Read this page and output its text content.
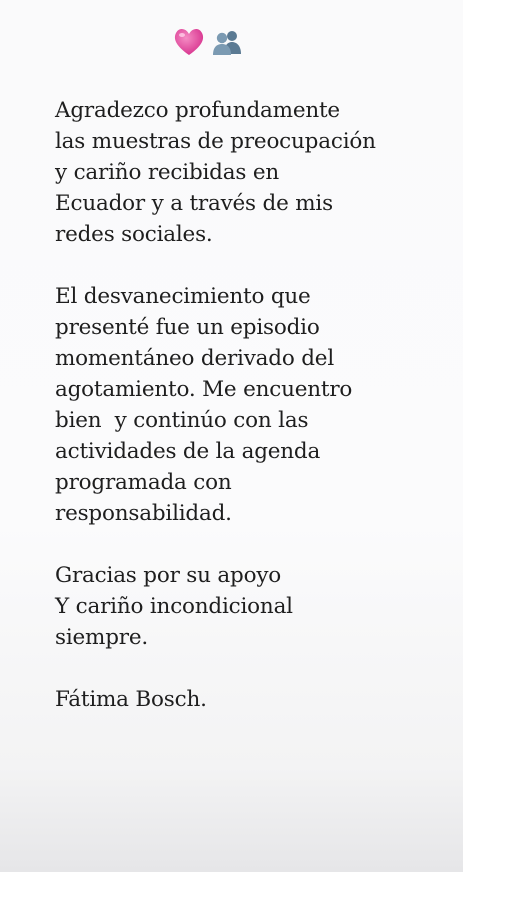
Agradezco profundamente
las muestras de preocupación
y cariño recibidas en
Ecuador y a través de mis
redes sociales.
El desvanecimiento que
presenté fue un episodio
momentáneo derivado del
agotamiento. Me encuentro
bien  y continúo con las
actividades de la agenda
programada con
responsabilidad.
Gracias por su apoyo
Y cariño incondicional
siempre.
Fátima Bosch.
